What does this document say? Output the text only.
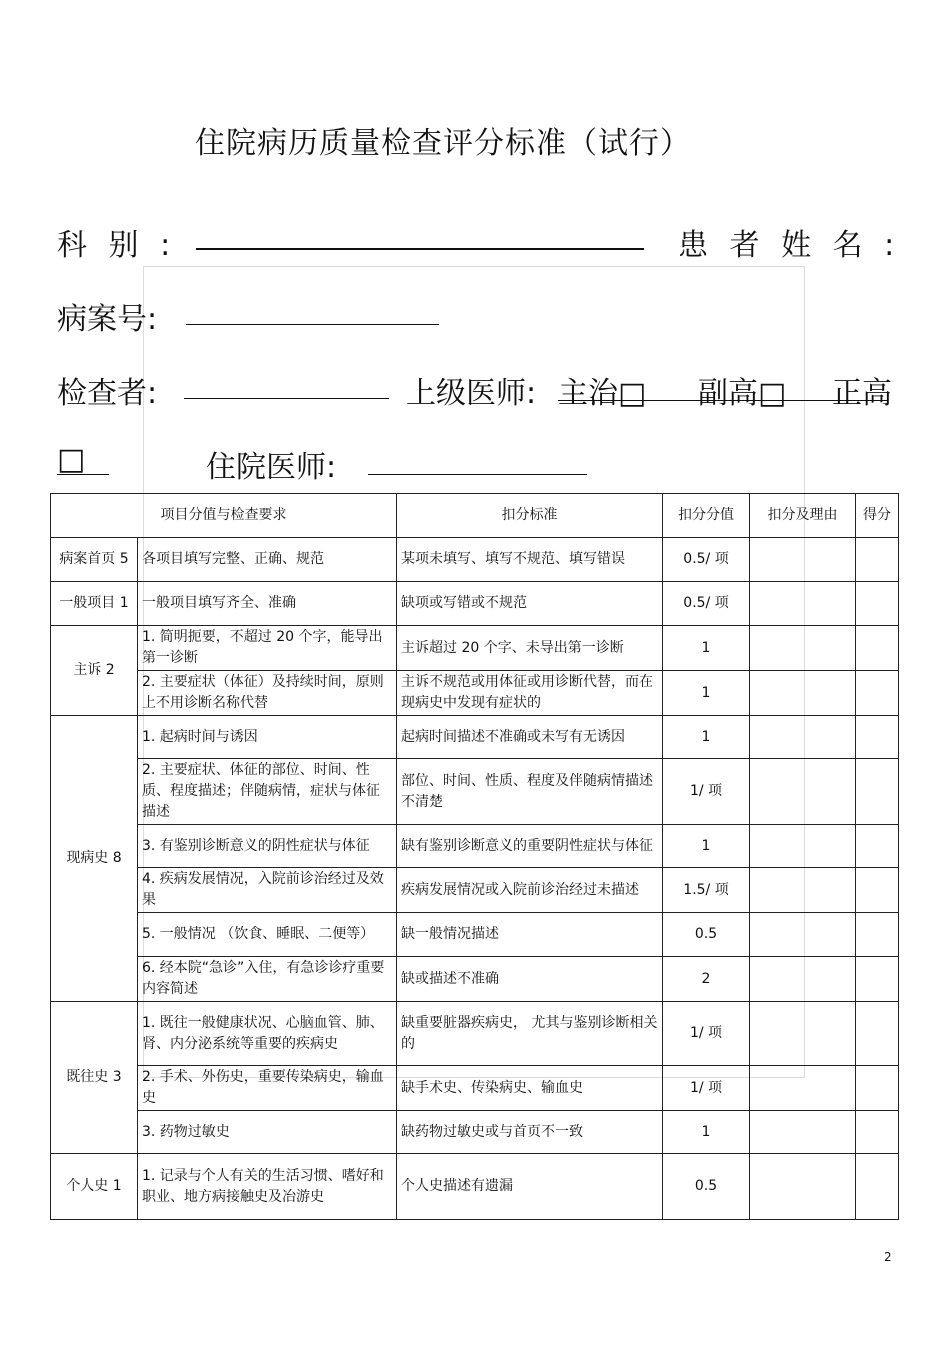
住院病历质量检查评分标准（试行）
科 别 :	患 者 姓 名 :
病案号:
检查者:	上级医师: 主治□ 副高□ 正高
□	住院医师:
项目分值与检查要求		扣分标准	扣分分值	扣分及理由	得分
病案首页 5	各项目填写完整、正确、规范	某项未填写、填写不规范、填写错误	0.5/ 项		
一般项目 1	一般项目填写齐全、准确	缺项或写错或不规范	0.5/ 项		
主诉 2	1. 简明扼要，不超过 20 个字，能导出第一诊断	主诉超过 20 个字、未导出第一诊断	1		
	2. 主要症状（体征）及持续时间，原则上不用诊断名称代替	主诉不规范或用体征或用诊断代替，而在现病史中发现有症状的	1		
现病史 8	1. 起病时间与诱因	起病时间描述不准确或未写有无诱因	1		
	2. 主要症状、体征的部位、时间、性质、程度描述；伴随病情，症状与体征描述	部位、时间、性质、程度及伴随病情描述不清楚	1/ 项		
	3. 有鉴别诊断意义的阴性症状与体征	缺有鉴别诊断意义的重要阴性症状与体征	1		
	4. 疾病发展情况，入院前诊治经过及效果	疾病发展情况或入院前诊治经过未描述	1.5/ 项		
	5. 一般情况 （饮食、睡眠、二便等）	缺一般情况描述	0.5		
	6. 经本院“急诊”入住，有急诊诊疗重要内容简述	缺或描述不准确	2		
既往史 3	1. 既往一般健康状况、心脑血管、肺、肾、内分泌系统等重要的疾病史	缺重要脏器疾病史， 尤其与鉴别诊断相关的	1/ 项		
	2. 手术、外伤史，重要传染病史，输血史	缺手术史、传染病史、输血史	1/ 项		
	3. 药物过敏史	缺药物过敏史或与首页不一致	1		
个人史 1	1. 记录与个人有关的生活习惯、嗜好和职业、地方病接触史及冶游史	个人史描述有遗漏	0.5		
2
